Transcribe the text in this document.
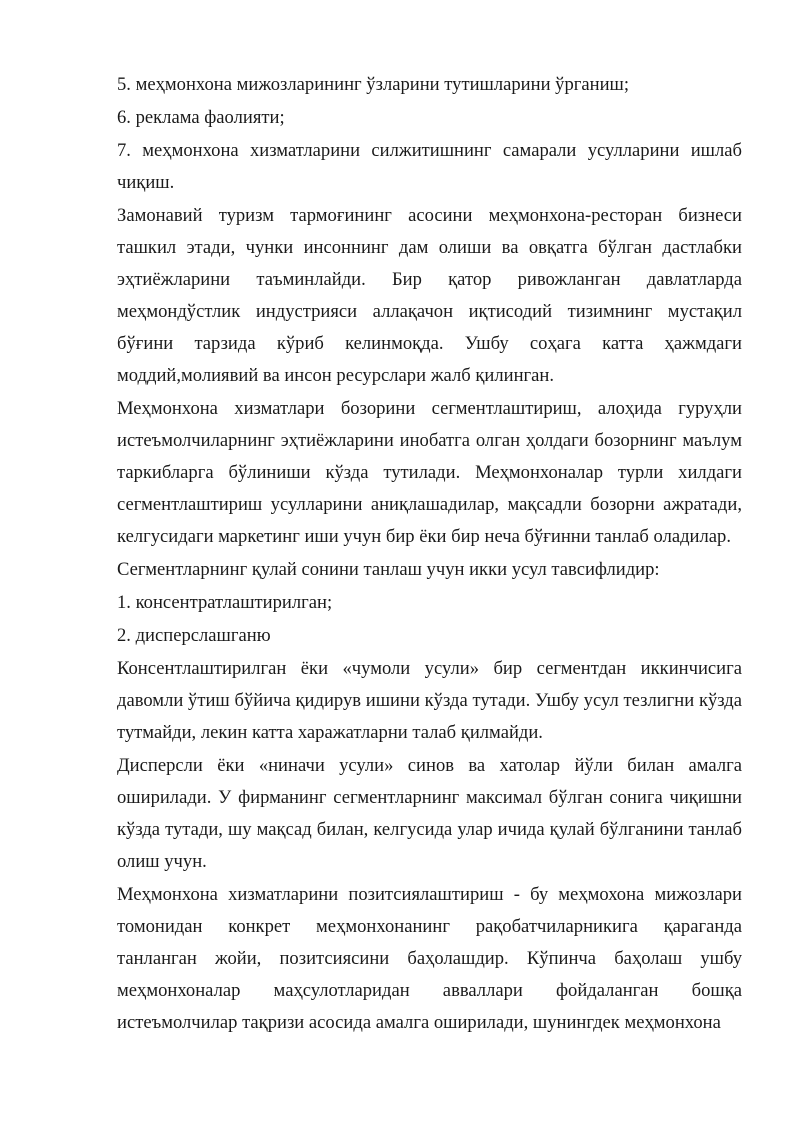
5. меҳмонхона мижозларининг ўзларини тутишларини ўрганиш;
6. реклама фаолияти;
7. меҳмонхона хизматларини силжитишнинг самарали усулларини ишлаб
чиқиш.
Замонавий туризм тармоғининг асосини меҳмонхона-ресторан бизнеси
ташкил этади, чунки инсоннинг дам олиши ва овқатга бўлган дастлабки
эҳтиёжларини таъминлайди. Бир қатор ривожланган давлатларда
меҳмондўстлик индустрияси аллақачон иқтисодий тизимнинг мустақил
бўғини тарзида кўриб келинмоқда. Ушбу соҳага катта ҳажмдаги
моддий,молиявий ва инсон ресурслари жалб қилинган.
Меҳмонхона хизматлари бозорини сегментлаштириш, алоҳида гуруҳли
истеъмолчиларнинг эҳтиёжларини инобатга олган ҳолдаги бозорнинг маълум
таркибларга бўлиниши кўзда тутилади. Меҳмонхоналар турли хилдаги
сегментлаштириш усулларини аниқлашадилар, мақсадли бозорни ажратади,
келгусидаги маркетинг иши учун бир ёки бир неча бўғинни танлаб оладилар.
Сегментларнинг қулай сонини танлаш учун икки усул тавсифлидир:
1. консентратлаштирилган;
2. дисперслашганю
Консентлаштирилган ёки «чумоли усули» бир сегментдан иккинчисига
давомли ўтиш бўйича қидирув ишини кўзда тутади. Ушбу усул тезлигни кўзда
тутмайди, лекин катта харажатларни талаб қилмайди.
Дисперсли ёки «ниначи усули» синов ва хатолар йўли билан амалга
оширилади. У фирманинг сегментларнинг максимал бўлган сонига чиқишни
кўзда тутади, шу мақсад билан, келгусида улар ичида қулай бўлганини танлаб
олиш учун.
Меҳмонхона хизматларини позитсиялаштириш - бу меҳмохона мижозлари
томонидан конкрет меҳмонхонанинг рақобатчиларникига қараганда
танланган жойи, позитсиясини баҳолашдир. Кўпинча баҳолаш ушбу
меҳмонхоналар маҳсулотларидан авваллари фойдаланган бошқа
истеъмолчилар тақризи асосида амалга оширилади, шунингдек меҳмонхона
